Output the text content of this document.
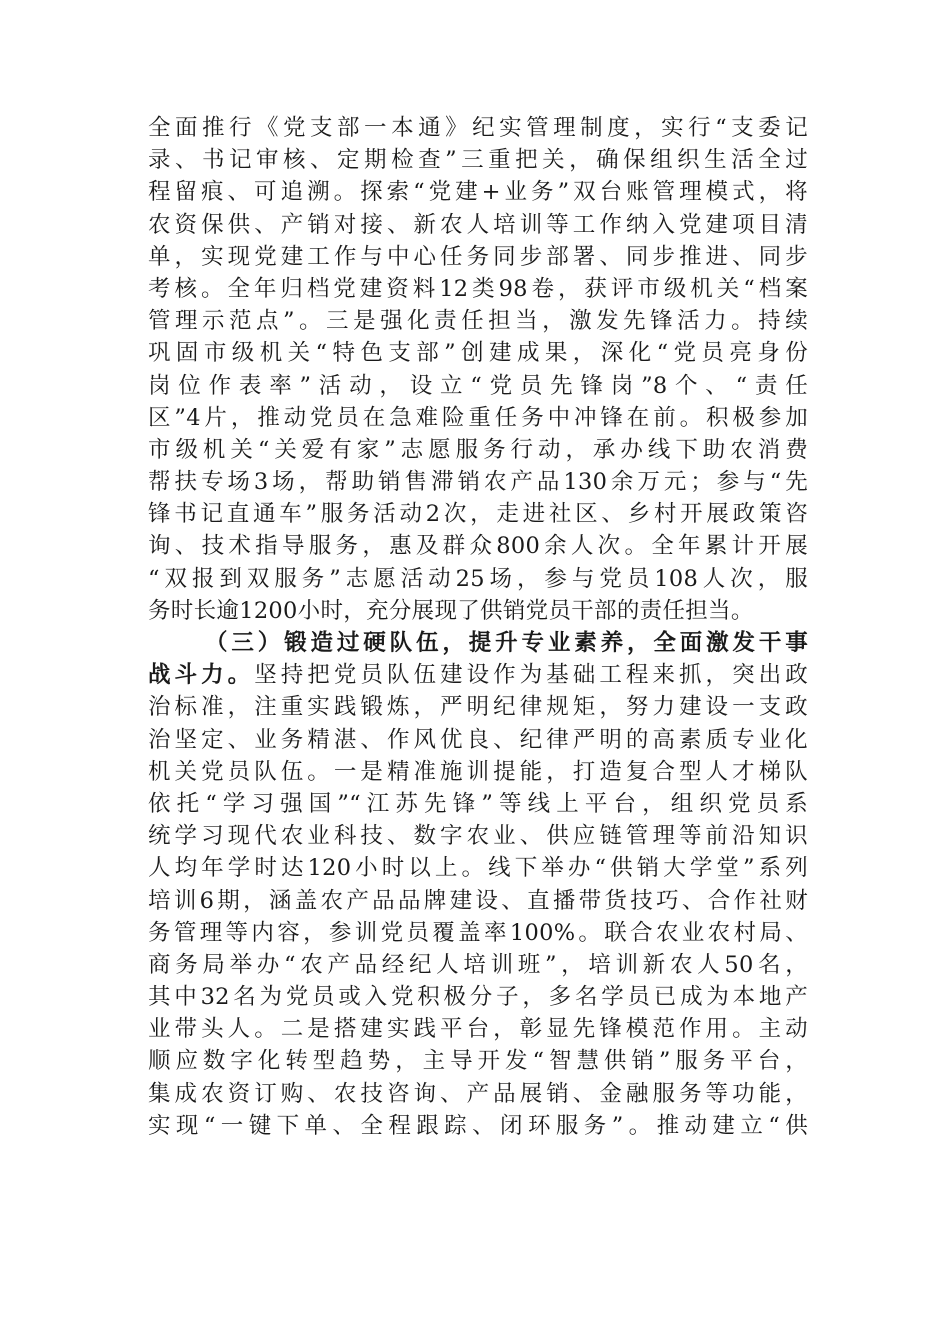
全面推行《党支部一本通》纪实管理制度，实行“支委记
录、书记审核、定期检查”三重把关，确保组织生活全过
程留痕、可追溯。探索“党建+业务”双台账管理模式，将
农资保供、产销对接、新农人培训等工作纳入党建项目清
单，实现党建工作与中心任务同步部署、同步推进、同步
考核。全年归档党建资料12类98卷，获评市级机关“档案
管理示范点”。三是强化责任担当，激发先锋活力。持续
巩固市级机关“特色支部”创建成果，深化“党员亮身份
岗位作表率”活动，设立“党员先锋岗”8个、“责任
区”4片，推动党员在急难险重任务中冲锋在前。积极参加
市级机关“关爱有家”志愿服务行动，承办线下助农消费
帮扶专场3场，帮助销售滞销农产品130余万元；参与“先
锋书记直通车”服务活动2次，走进社区、乡村开展政策咨
询、技术指导服务，惠及群众800余人次。全年累计开展
“双报到双服务”志愿活动25场，参与党员108人次，服
务时长逾1200小时，充分展现了供销党员干部的责任担当。
（三）锻造过硬队伍，提升专业素养，全面激发干事
战斗力。坚持把党员队伍建设作为基础工程来抓，突出政
治标准，注重实践锻炼，严明纪律规矩，努力建设一支政
治坚定、业务精湛、作风优良、纪律严明的高素质专业化
机关党员队伍。一是精准施训提能，打造复合型人才梯队
依托“学习强国”“江苏先锋”等线上平台，组织党员系
统学习现代农业科技、数字农业、供应链管理等前沿知识
人均年学时达120小时以上。线下举办“供销大学堂”系列
培训6期，涵盖农产品品牌建设、直播带货技巧、合作社财
务管理等内容，参训党员覆盖率100%。联合农业农村局、
商务局举办“农产品经纪人培训班”，培训新农人50名，
其中32名为党员或入党积极分子，多名学员已成为本地产
业带头人。二是搭建实践平台，彰显先锋模范作用。主动
顺应数字化转型趋势，主导开发“智慧供销”服务平台，
集成农资订购、农技咨询、产品展销、金融服务等功能，
实现“一键下单、全程跟踪、闭环服务”。推动建立“供
